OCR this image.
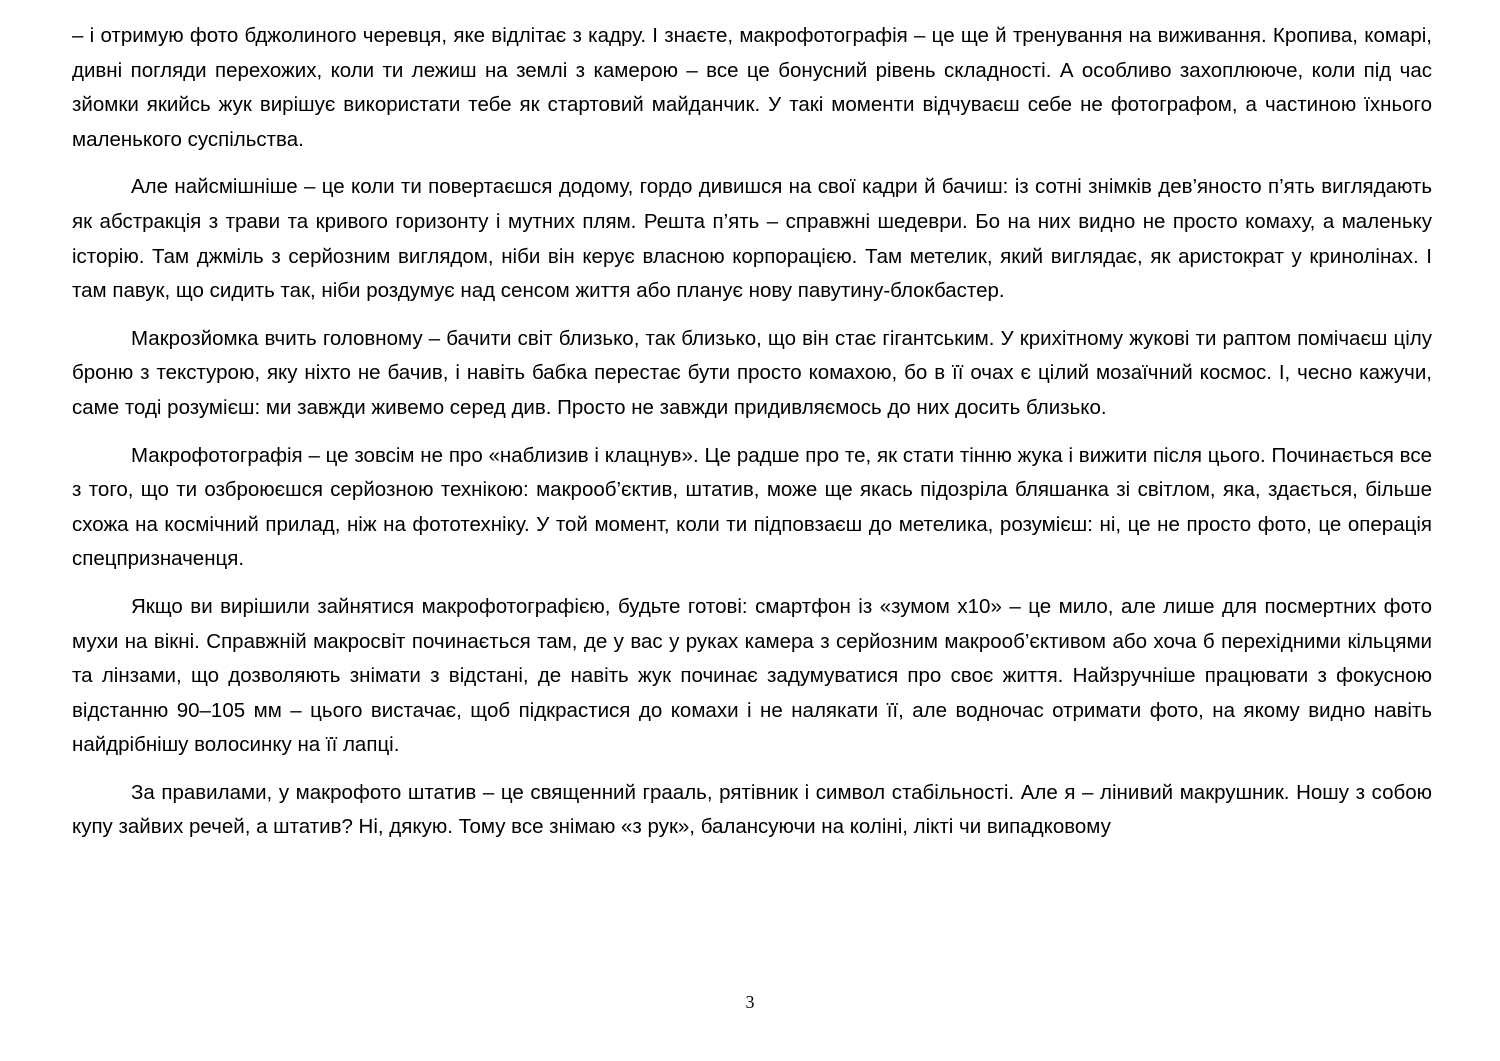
– і отримую фото бджолиного черевця, яке відлітає з кадру. І знаєте, макрофотографія – це ще й тренування на виживання. Кропива, комарі, дивні погляди перехожих, коли ти лежиш на землі з камерою – все це бонусний рівень складності. А особливо захоплююче, коли під час зйомки якийсь жук вирішує використати тебе як стартовий майданчик. У такі моменти відчуваєш себе не фотографом, а частиною їхнього маленького суспільства.

Але найсмішніше – це коли ти повертаєшся додому, гордо дивишся на свої кадри й бачиш: із сотні знімків дев’яносто п’ять виглядають як абстракція з трави та кривого горизонту і мутних плям. Решта п’ять – справжні шедеври. Бо на них видно не просто комаху, а маленьку історію. Там джміль з серйозним виглядом, ніби він керує власною корпорацією. Там метелик, який виглядає, як аристократ у кринолінах. І там павук, що сидить так, ніби роздумує над сенсом життя або планує нову павутину-блокбастер.

Макрозйомка вчить головному – бачити світ близько, так близько, що він стає гігантським. У крихітному жукові ти раптом помічаєш цілу броню з текстурою, яку ніхто не бачив, і навіть бабка перестає бути просто комахою, бо в її очах є цілий мозаїчний космос. І, чесно кажучи, саме тоді розумієш: ми завжди живемо серед див. Просто не завжди придивляємось до них досить близько.

Макрофотографія – це зовсім не про «наблизив і клацнув». Це радше про те, як стати тінню жука і вижити після цього. Починається все з того, що ти озброюєшся серйозною технікою: макрооб’єктив, штатив, може ще якась підозріла бляшанка зі світлом, яка, здається, більше схожа на космічний прилад, ніж на фототехніку. У той момент, коли ти підповзаєш до метелика, розумієш: ні, це не просто фото, це операція спецпризначенця.

Якщо ви вирішили зайнятися макрофотографією, будьте готові: смартфон із «зумом х10» – це мило, але лише для посмертних фото мухи на вікні. Справжній макросвіт починається там, де у вас у руках камера з серйозним макрооб’єктивом або хоча б перехідними кільцями та лінзами, що дозволяють знімати з відстані, де навіть жук починає задумуватися про своє життя. Найзручніше працювати з фокусною відстанню 90–105 мм – цього вистачає, щоб підкрастися до комахи і не налякати її, але водночас отримати фото, на якому видно навіть найдрібнішу волосинку на її лапці.

За правилами, у макрофото штатив – це священний грааль, рятівник і символ стабільності. Але я – лінивий макрушник. Ношу з собою купу зайвих речей, а штатив? Ні, дякую. Тому все знімаю «з рук», балансуючи на коліні, лікті чи випадковому

3
